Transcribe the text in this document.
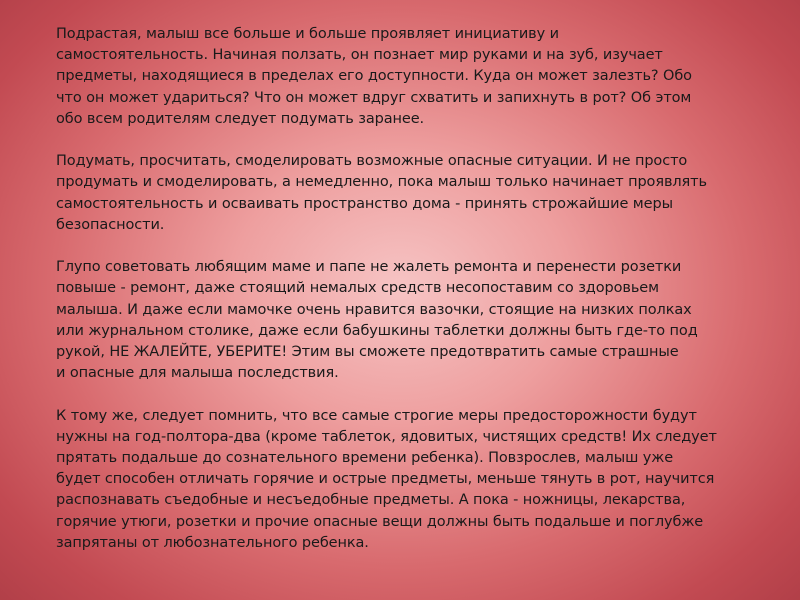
Подрастая, малыш все больше и больше проявляет инициативу и
самостоятельность. Начиная ползать, он познает мир руками и на зуб, изучает
предметы, находящиеся в пределах его доступности. Куда он может залезть? Обо
что он может удариться? Что он может вдруг схватить и запихнуть в рот? Об этом
обо всем родителям следует подумать заранее.

Подумать, просчитать, смоделировать возможные опасные ситуации. И не просто
продумать и смоделировать, а немедленно, пока малыш только начинает проявлять
самостоятельность и осваивать пространство дома - принять строжайшие меры
безопасности.

Глупо советовать любящим маме и папе не жалеть ремонта и перенести розетки
повыше - ремонт, даже стоящий немалых средств несопоставим со здоровьем
малыша. И даже если мамочке очень нравится вазочки, стоящие на низких полках
или журнальном столике, даже если бабушкины таблетки должны быть где-то под
рукой, НЕ ЖАЛЕЙТЕ, УБЕРИТЕ! Этим вы сможете предотвратить самые страшные
и опасные для малыша последствия.

К тому же, следует помнить, что все самые строгие меры предосторожности будут
нужны на год-полтора-два (кроме таблеток, ядовитых, чистящих средств! Их следует
прятать подальше до сознательного времени ребенка). Повзрослев, малыш уже
будет способен отличать горячие и острые предметы, меньше тянуть в рот, научится
распознавать съедобные и несъедобные предметы. А пока - ножницы, лекарства,
горячие утюги, розетки и прочие опасные вещи должны быть подальше и поглубже
запрятаны от любознательного ребенка.
